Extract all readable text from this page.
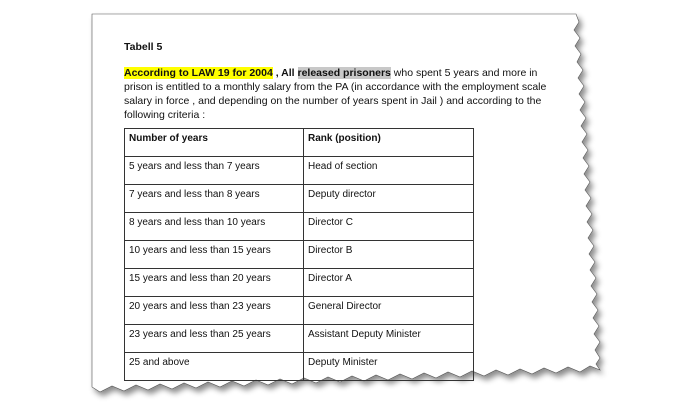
Tabell 5

According to LAW 19 for 2004 , All released prisoners who spent 5 years and more in prison is entitled to a monthly salary from the PA (in accordance with the employment scale salary in force , and depending on the number of years spent in Jail ) and according to the following criteria :

Number of years	Rank (position)
5 years and less than 7 years	Head of section
7 years and less than 8 years	Deputy director
8 years and less than 10 years	Director C
10 years and less than 15 years	Director B
15 years and less than 20 years	Director A
20 years and less than 23 years	General Director
23 years and less than 25 years	Assistant Deputy Minister
25 and above	Deputy Minister
